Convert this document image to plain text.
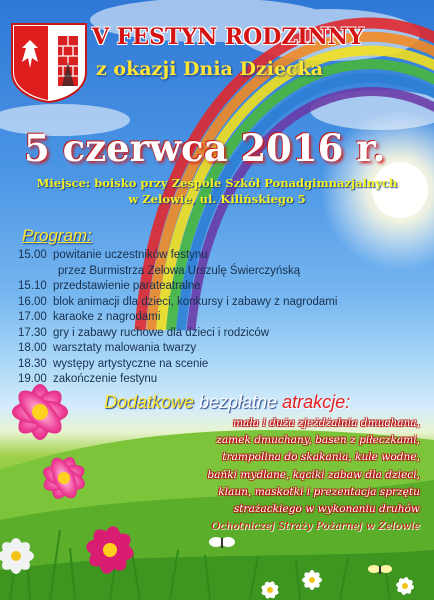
V FESTYN RODZINNY
z okazji Dnia Dziecka
5 czerwca 2016 r.
Miejsce: boisko przy Zespole Szkół Ponadgimnazjalnych
w Zelowie, ul. Kilińskiego 5
Program:
15.00 powitanie uczestników festynu
przez Burmistrza Zelowa Urszulę Świerczyńską
15.10 przedstawienie parateatralne
16.00 blok animacji dla dzieci, konkursy i zabawy z nagrodami
17.00 karaoke z nagrodami
17.30 gry i zabawy ruchowe dla dzieci i rodziców
18.00 warsztaty malowania twarzy
18.30 występy artystyczne na scenie
19.00 zakończenie festynu
Dodatkowe bezpłatne atrakcje:
mała i duża zjeżdżalnia dmuchana,
zamek dmuchany, basen z piłeczkami,
trampolina do skakania, kule wodne,
bańki mydlane, kąciki zabaw dla dzieci,
klaun, maskotki i prezentacja sprzętu
strażackiego w wykonaniu druhów
Ochotniczej Straży Pożarnej w Zelowie
